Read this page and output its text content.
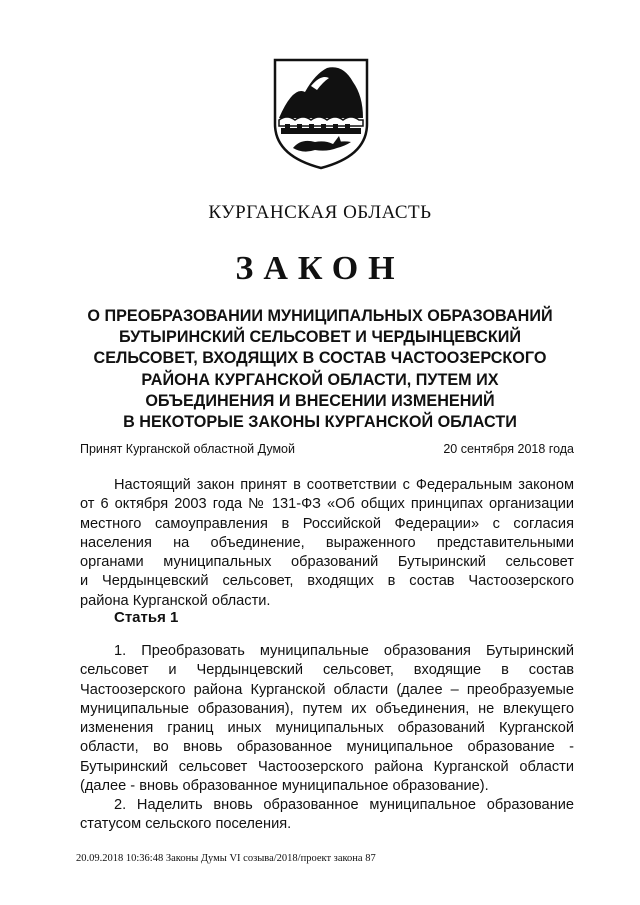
КУРГАНСКАЯ ОБЛАСТЬ
ЗАКОН
О ПРЕОБРАЗОВАНИИ МУНИЦИПАЛЬНЫХ ОБРАЗОВАНИЙ
БУТЫРИНСКИЙ СЕЛЬСОВЕТ И ЧЕРДЫНЦЕВСКИЙ
СЕЛЬСОВЕТ, ВХОДЯЩИХ В СОСТАВ ЧАСТООЗЕРСКОГО
РАЙОНА КУРГАНСКОЙ ОБЛАСТИ, ПУТЕМ ИХ
ОБЪЕДИНЕНИЯ И ВНЕСЕНИИ ИЗМЕНЕНИЙ
В НЕКОТОРЫЕ ЗАКОНЫ КУРГАНСКОЙ ОБЛАСТИ
Принят Курганской областной Думой	20 сентября 2018 года
Настоящий закон принят в соответствии с Федеральным законом
от 6 октября 2003 года № 131-ФЗ «Об общих принципах организации
местного самоуправления в Российской Федерации» с согласия
населения на объединение, выраженного представительными
органами муниципальных образований Бутыринский сельсовет
и Чердынцевский сельсовет, входящих в состав Частоозерского
района Курганской области.
Статья 1
1. Преобразовать муниципальные образования Бутыринский
сельсовет и Чердынцевский сельсовет, входящие в состав
Частоозерского района Курганской области (далее – преобразуемые
муниципальные образования), путем их объединения, не влекущего
изменения границ иных муниципальных образований Курганской
области, во вновь образованное муниципальное образование -
Бутыринский сельсовет Частоозерского района Курганской области
(далее - вновь образованное муниципальное образование).
2. Наделить вновь образованное муниципальное образование
статусом сельского поселения.
20.09.2018 10:36:48 Законы Думы VI созыва/2018/проект закона 87
